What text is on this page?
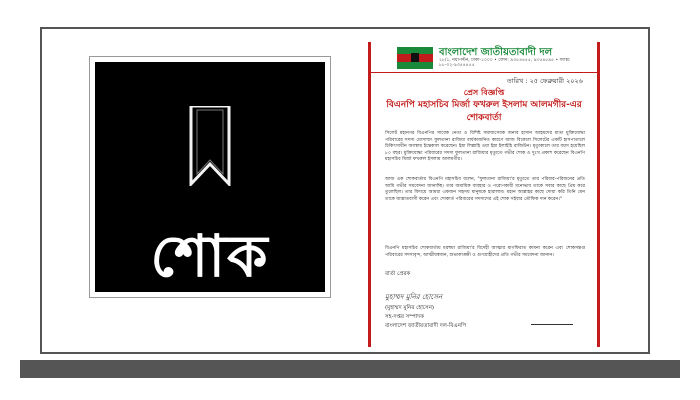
শোক
বাংলাদেশ জাতীয়তাবাদী দল
২৮/১, নয়াপল্টন, ঢাকা-১০০০ • ফোন: ৯৩৫৪৪৫৫, ৯৩৫৪৫৯৫ • ফ্যাক্স: ৮৮-০২-৯৩৫৪৪৫৫
তারিখ : ২৫ ফেব্রুয়ারী ২০২৬
প্রেস বিজ্ঞপ্তি
বিএনপি মহাসচিব মির্জা ফখরুল ইসলাম আলমগীর-এর শোকবার্তা
সিলেট মহানগর বিএনপির সাবেক নেতা ও বিশিষ্ট সমাজসেবক জনাব হাসান আহমদের মাতা মুক্তিযোদ্ধা পরিবারের সদস্য মোসাম্মৎ ফুলতানা রাজিয়া বার্ধক্যজনিত কারণে আজ বিকেলে সিলেটের একটি হাসপাতালে চিকিৎসাধীন অবস্থায় ইন্তেকাল করেছেন। ইন্না লিল্লাহি ওয়া ইন্না ইলাইহি রাজিউন। মৃত্যুকালে তার বয়স হয়েছিল ৮০ বছর। মুক্তিযোদ্ধা পরিবারের সদস্য ফুলতানা রাজিয়ার মৃত্যুতে গভীর শোক ও দুঃখ প্রকাশ করেছেন বিএনপি মহাসচিব মির্জা ফখরুল ইসলাম আলমগীর।
আজ এক শোকবার্তায় বিএনপি মহাসচিব বলেন, "ফুলতানা রাজিয়া'র মৃত্যুতে তার পরিবার-পরিজনের প্রতি আমি গভীর সমবেদনা জানাচ্ছি। তার অমায়িক ব্যবহার ও পরোপকারী মনোভাব তাকে সবার কাছে প্রিয় করে তুলেছিল। তার বিদায়ে আমরা একজন সহৃদয় মানুষকে হারালাম। মহান আল্লাহর কাছে দোয়া করি তিনি যেন তাকে জান্নাতবাসী করেন এবং শোকার্ত পরিবারের সদস্যদের এই শোক সইবার তৌফিক দান করেন।"
বিএনপি মহাসচিব শোকবার্তায় মরহুমা রাজিয়া'র বিদেহী আত্মার মাগফিরাত কামনা করেন এবং শোকসন্তপ্ত পরিবারের সদস্যবৃন্দ, আত্মীয়স্বজন, শুভাকাঙ্ক্ষী ও গুণগ্রাহীদের প্রতি গভীর সমবেদনা জানান।
বার্তা প্রেরক
মুহাম্মদ মুনির হোসেন
(মুহাম্মদ মুনির হোসেন)
সহ-দপ্তর সম্পাদক
বাংলাদেশ জাতীয়তাবাদী দল-বিএনপি
